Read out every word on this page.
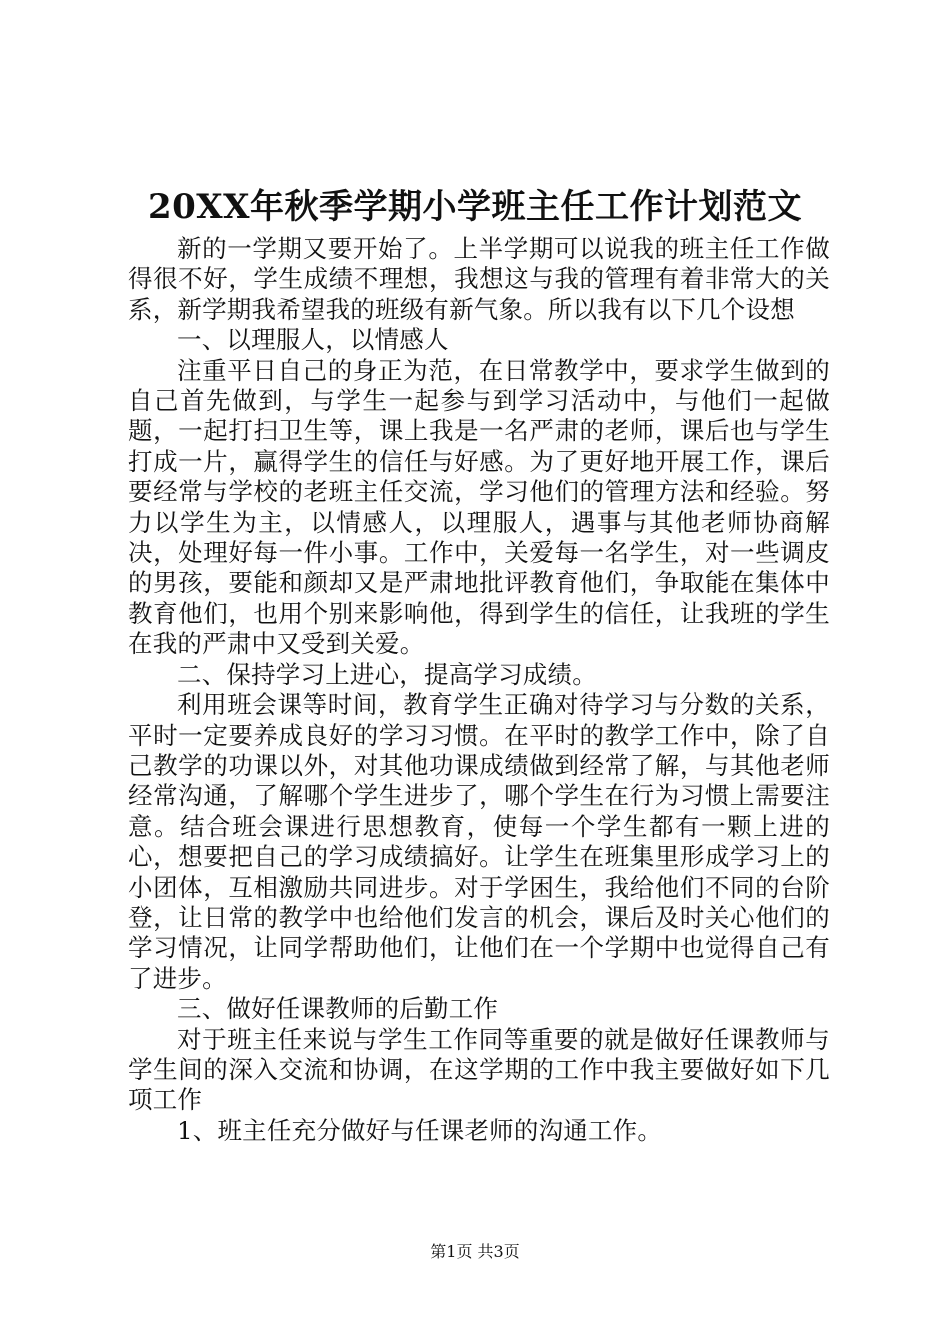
20XX年秋季学期小学班主任工作计划范文

新的一学期又要开始了。上半学期可以说我的班主任工作做得很不好，学生成绩不理想，我想这与我的管理有着非常大的关系，新学期我希望我的班级有新气象。所以我有以下几个设想

一、以理服人，以情感人

注重平日自己的身正为范，在日常教学中，要求学生做到的自己首先做到，与学生一起参与到学习活动中，与他们一起做题，一起打扫卫生等，课上我是一名严肃的老师，课后也与学生打成一片，赢得学生的信任与好感。为了更好地开展工作，课后要经常与学校的老班主任交流，学习他们的管理方法和经验。努力以学生为主，以情感人，以理服人，遇事与其他老师协商解决，处理好每一件小事。工作中，关爱每一名学生，对一些调皮的男孩，要能和颜却又是严肃地批评教育他们，争取能在集体中教育他们，也用个别来影响他，得到学生的信任，让我班的学生在我的严肃中又受到关爱。

二、保持学习上进心，提高学习成绩。

利用班会课等时间，教育学生正确对待学习与分数的关系，平时一定要养成良好的学习习惯。在平时的教学工作中，除了自己教学的功课以外，对其他功课成绩做到经常了解，与其他老师经常沟通，了解哪个学生进步了，哪个学生在行为习惯上需要注意。结合班会课进行思想教育，使每一个学生都有一颗上进的心，想要把自己的学习成绩搞好。让学生在班集里形成学习上的小团体，互相激励共同进步。对于学困生，我给他们不同的台阶登，让日常的教学中也给他们发言的机会，课后及时关心他们的学习情况，让同学帮助他们，让他们在一个学期中也觉得自己有了进步。

三、做好任课教师的后勤工作

对于班主任来说与学生工作同等重要的就是做好任课教师与学生间的深入交流和协调，在这学期的工作中我主要做好如下几项工作

1、班主任充分做好与任课老师的沟通工作。

第1页 共3页
